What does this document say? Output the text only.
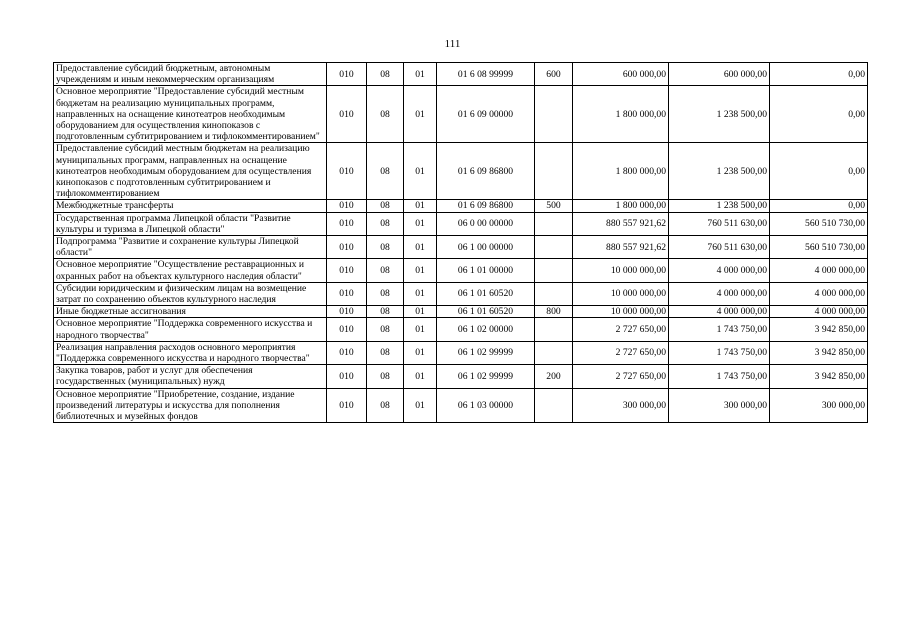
111
Предоставление субсидий бюджетным, автономным учреждениям и иным некоммерческим организациям	010	08	01	01 6 08 99999	600	600 000,00	600 000,00	0,00
Основное мероприятие "Предоставление субсидий местным бюджетам на реализацию муниципальных программ, направленных на оснащение кинотеатров необходимым оборудованием для осуществления кинопоказов с подготовленным субтитрированием и тифлокомментированием"	010	08	01	01 6 09 00000		1 800 000,00	1 238 500,00	0,00
Предоставление субсидий местным бюджетам на реализацию муниципальных программ, направленных на оснащение кинотеатров необходимым оборудованием для осуществления кинопоказов с подготовленным субтитрированием и тифлокомментированием	010	08	01	01 6 09 86800		1 800 000,00	1 238 500,00	0,00
Межбюджетные трансферты	010	08	01	01 6 09 86800	500	1 800 000,00	1 238 500,00	0,00
Государственная программа Липецкой области "Развитие культуры и туризма в Липецкой области"	010	08	01	06 0 00 00000		880 557 921,62	760 511 630,00	560 510 730,00
Подпрограмма "Развитие и сохранение культуры Липецкой области"	010	08	01	06 1 00 00000		880 557 921,62	760 511 630,00	560 510 730,00
Основное мероприятие "Осуществление реставрационных и охранных работ на объектах культурного наследия области"	010	08	01	06 1 01 00000		10 000 000,00	4 000 000,00	4 000 000,00
Субсидии юридическим и физическим лицам на возмещение затрат по сохранению объектов культурного наследия	010	08	01	06 1 01 60520		10 000 000,00	4 000 000,00	4 000 000,00
Иные бюджетные ассигнования	010	08	01	06 1 01 60520	800	10 000 000,00	4 000 000,00	4 000 000,00
Основное мероприятие "Поддержка современного искусства и народного творчества"	010	08	01	06 1 02 00000		2 727 650,00	1 743 750,00	3 942 850,00
Реализация направления расходов основного мероприятия "Поддержка современного искусства и народного творчества"	010	08	01	06 1 02 99999		2 727 650,00	1 743 750,00	3 942 850,00
Закупка товаров, работ и услуг для обеспечения государственных (муниципальных) нужд	010	08	01	06 1 02 99999	200	2 727 650,00	1 743 750,00	3 942 850,00
Основное мероприятие "Приобретение, создание, издание произведений литературы и искусства для пополнения библиотечных и музейных фондов	010	08	01	06 1 03 00000		300 000,00	300 000,00	300 000,00
